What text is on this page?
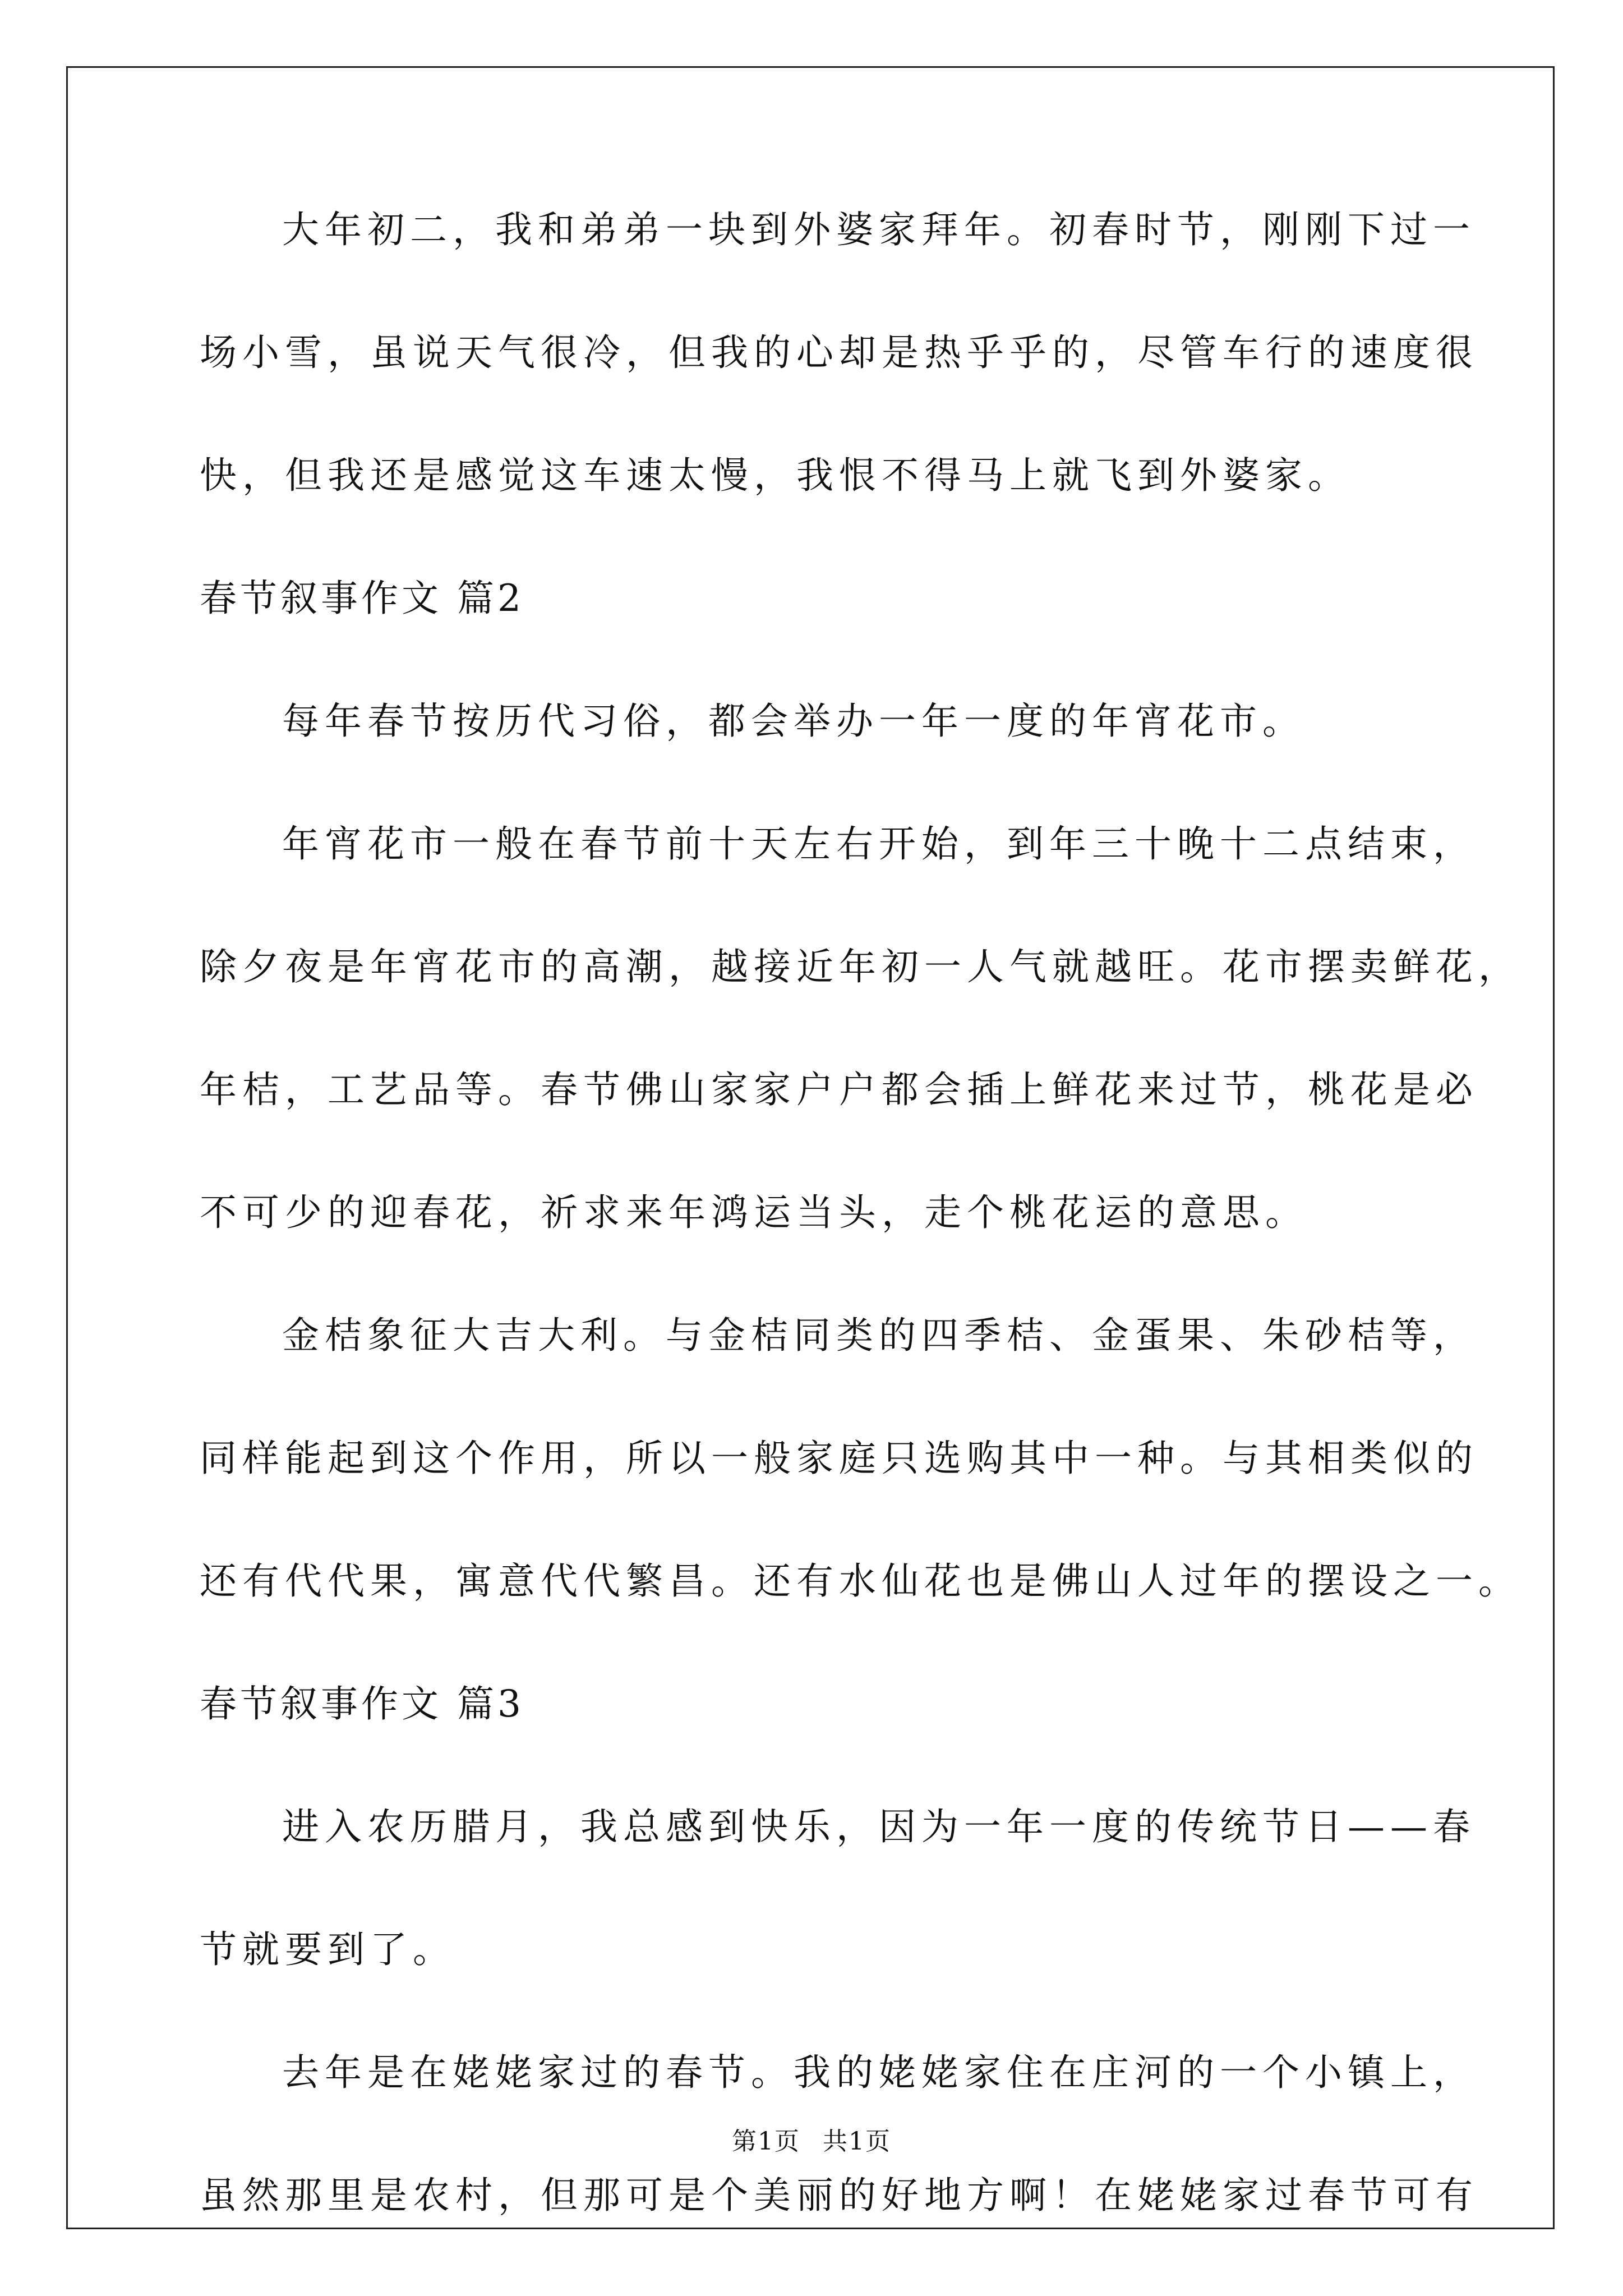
大年初二，我和弟弟一块到外婆家拜年。初春时节，刚刚下过一
场小雪，虽说天气很冷，但我的心却是热乎乎的，尽管车行的速度很
快，但我还是感觉这车速太慢，我恨不得马上就飞到外婆家。
春节叙事作文 篇2
每年春节按历代习俗，都会举办一年一度的年宵花市。
年宵花市一般在春节前十天左右开始，到年三十晚十二点结束，
除夕夜是年宵花市的高潮，越接近年初一人气就越旺。花市摆卖鲜花，
年桔，工艺品等。春节佛山家家户户都会插上鲜花来过节，桃花是必
不可少的迎春花，祈求来年鸿运当头，走个桃花运的意思。
金桔象征大吉大利。与金桔同类的四季桔、金蛋果、朱砂桔等，
同样能起到这个作用，所以一般家庭只选购其中一种。与其相类似的
还有代代果，寓意代代繁昌。还有水仙花也是佛山人过年的摆设之一。
春节叙事作文 篇3
进入农历腊月，我总感到快乐，因为一年一度的传统节日——春
节就要到了。
去年是在姥姥家过的春节。我的姥姥家住在庄河的一个小镇上，
虽然那里是农村，但那可是个美丽的好地方啊！在姥姥家过春节可有
第1页 共1页
